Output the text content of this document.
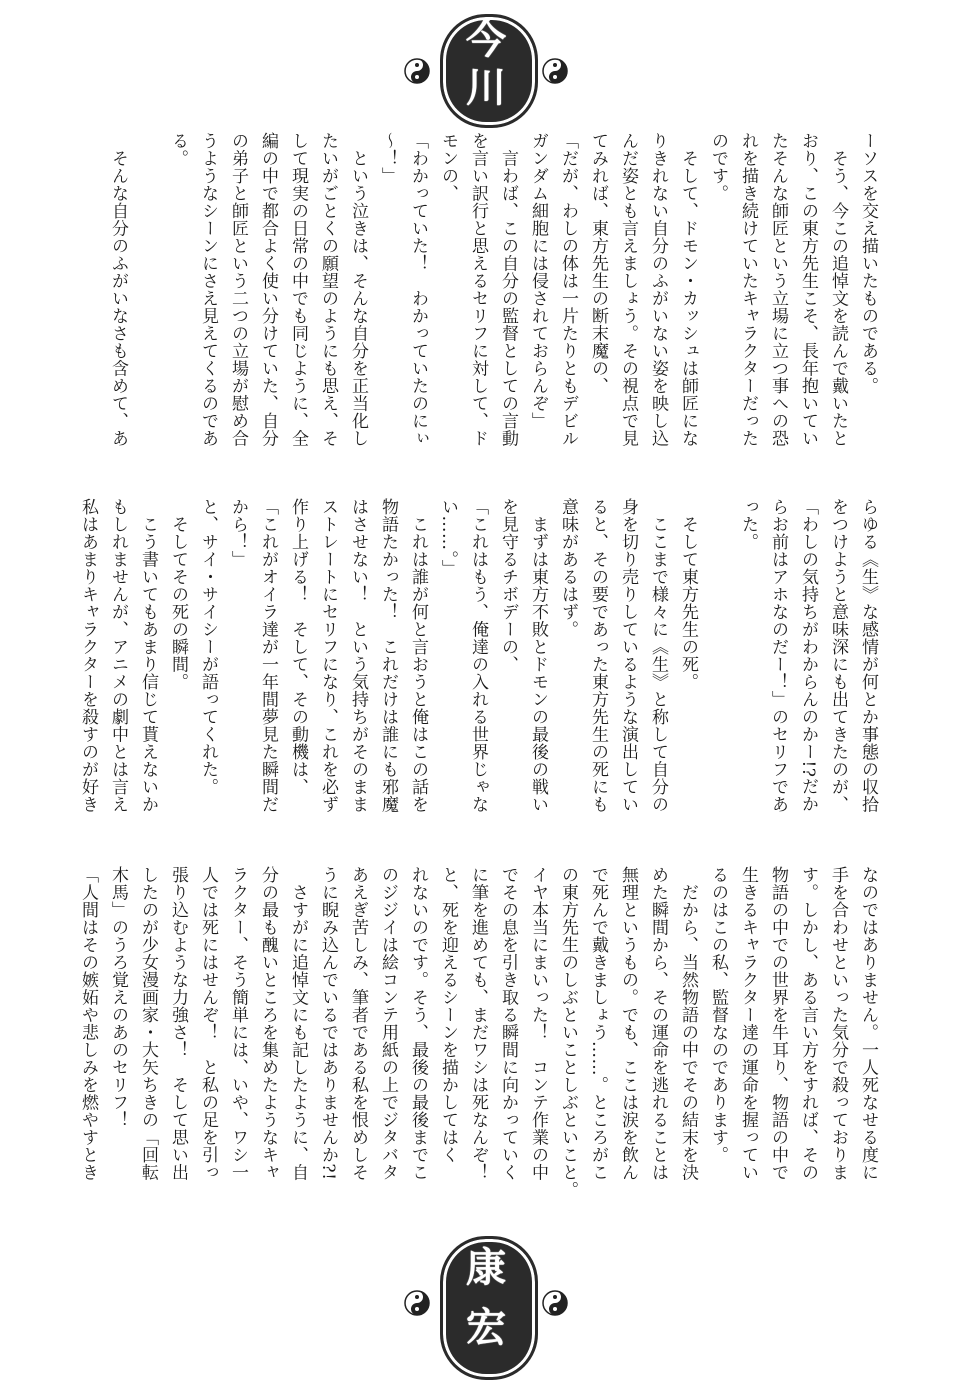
今
川
ーソスを交え描いたものである。
　そう、今この追悼文を読んで戴いたと
おり、この東方先生こそ、長年抱いてい
たそんな師匠という立場に立つ事への恐
れを描き続けていたキャラクターだった
のです。
　そして、ドモン・カッシュは師匠にな
りきれない自分のふがいない姿を映し込
んだ姿とも言えましょう。その視点で見
てみれば、東方先生の断末魔の、
「だが、わしの体は一片たりともデビル
ガンダム細胞には侵されておらんぞ」
　言わば、この自分の監督としての言動
を言い訳行と思えるセリフに対して、ド
モンの、
「わかっていた！　わかっていたのにぃ
〜！」
　という泣きは、そんな自分を正当化し
たいがごとくの願望のようにも思え、そ
して現実の日常の中でも同じように、全
編の中で都合よく使い分けていた、自分
の弟子と師匠という二つの立場が慰め合
うようなシーンにさえ見えてくるのであ
る。

　そんな自分のふがいなさも含めて、あ
らゆる《生》な感情が何とか事態の収拾
をつけようと意味深にも出てきたのが、
「わしの気持ちがわからんのかー!?だか
らお前はアホなのだー！」のセリフであ
った。

　そして東方先生の死。
　ここまで様々に《生》と称して自分の
身を切り売りしているような演出してい
ると、その要であった東方先生の死にも
意味があるはず。
　まずは東方不敗とドモンの最後の戦い
を見守るチボデーの、
「これはもう、俺達の入れる世界じゃな
い……。」
　これは誰が何と言おうと俺はこの話を
物語たかった！　これだけは誰にも邪魔
はさせない！　という気持ちがそのまま
ストレートにセリフになり、これを必ず
作り上げる！　そして、その動機は、
「これがオイラ達が一年間夢見た瞬間だ
から！」
と、サイ・サイシーが語ってくれた。
　そしてその死の瞬間。
　こう書いてもあまり信じて貰えないか
もしれませんが、アニメの劇中とは言え
私はあまりキャラクターを殺すのが好き
なのではありません。一人死なせる度に
手を合わせといった気分で殺っておりま
す。しかし、ある言い方をすれば、その
物語の中での世界を牛耳り、物語の中で
生きるキャラクター達の運命を握ってい
るのはこの私、監督なのであります。
　だから、当然物語の中でその結末を決
めた瞬間から、その運命を逃れることは
無理というもの。でも、ここは涙を飲ん
で死んで戴きましょう……。ところがこ
の東方先生のしぶといことしぶといこと。
イヤ本当にまいった！　コンテ作業の中
でその息を引き取る瞬間に向かっていく
に筆を進めても、まだワシは死なんぞ！
と、死を迎えるシーンを描かしてはく
れないのです。そう、最後の最後までこ
のジジイは絵コンテ用紙の上でジタバタ
あえぎ苦しみ、筆者である私を恨めしそ
うに睨み込んでいるではありませんか?!
　さすがに追悼文にも記したように、自
分の最も醜いところを集めたようなキャ
ラクター、そう簡単には、いや、ワシ一
人では死にはせんぞ！　と私の足を引っ
張り込むような力強さ！　そして思い出
したのが少女漫画家・大矢ちきの「回転
木馬」のうろ覚えのあのセリフ！
「人間はその嫉妬や悲しみを燃やすとき
康
宏
